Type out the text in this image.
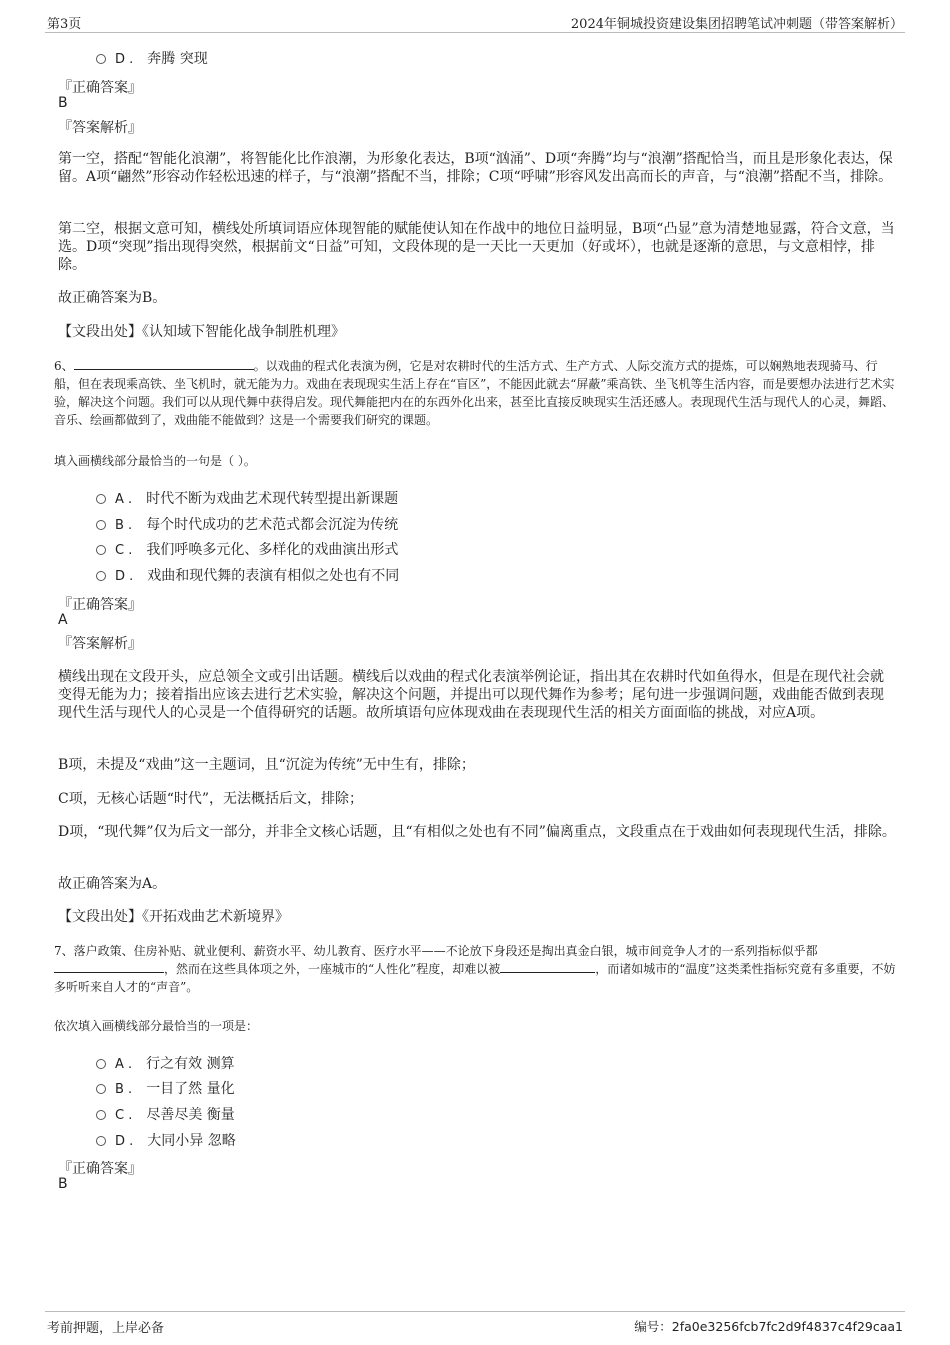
第3页	2024年铜城投资建设集团招聘笔试冲刺题（带答案解析）
D . 奔腾 突现
『正确答案』
B
『答案解析』
第一空，搭配“智能化浪潮”，将智能化比作浪潮，为形象化表达，B项“汹涌”、D项“奔腾”均与“浪潮”搭配恰当，而且是形象化表达，保留。A项“翩然”形容动作轻松迅速的样子，与“浪潮”搭配不当，排除；C项“呼啸”形容风发出高而长的声音，与“浪潮”搭配不当，排除。
第二空，根据文意可知，横线处所填词语应体现智能的赋能使认知在作战中的地位日益明显，B项“凸显”意为清楚地显露，符合文意，当选。D项“突现”指出现得突然，根据前文“日益”可知，文段体现的是一天比一天更加（好或坏），也就是逐渐的意思，与文意相悖，排除。
故正确答案为B。
【文段出处】《认知域下智能化战争制胜机理》
6、	。以戏曲的程式化表演为例，它是对农耕时代的生活方式、生产方式、人际交流方式的提炼，可以娴熟地表现骑马、行船，但在表现乘高铁、坐飞机时，就无能为力。戏曲在表现现实生活上存在“盲区”，不能因此就去“屏蔽”乘高铁、坐飞机等生活内容，而是要想办法进行艺术实验，解决这个问题。我们可以从现代舞中获得启发。现代舞能把内在的东西外化出来，甚至比直接反映现实生活还感人。表现现代生活与现代人的心灵，舞蹈、音乐、绘画都做到了，戏曲能不能做到？这是一个需要我们研究的课题。
填入画横线部分最恰当的一句是（ ）。
A . 时代不断为戏曲艺术现代转型提出新课题
B . 每个时代成功的艺术范式都会沉淀为传统
C . 我们呼唤多元化、多样化的戏曲演出形式
D . 戏曲和现代舞的表演有相似之处也有不同
『正确答案』
A
『答案解析』
横线出现在文段开头，应总领全文或引出话题。横线后以戏曲的程式化表演举例论证，指出其在农耕时代如鱼得水，但是在现代社会就变得无能为力；接着指出应该去进行艺术实验，解决这个问题，并提出可以现代舞作为参考；尾句进一步强调问题，戏曲能否做到表现现代生活与现代人的心灵是一个值得研究的话题。故所填语句应体现戏曲在表现现代生活的相关方面面临的挑战，对应A项。
B项，未提及“戏曲”这一主题词，且“沉淀为传统”无中生有，排除；
C项，无核心话题“时代”，无法概括后文，排除；
D项，“现代舞”仅为后文一部分，并非全文核心话题，且“有相似之处也有不同”偏离重点，文段重点在于戏曲如何表现现代生活，排除。
故正确答案为A。
【文段出处】《开拓戏曲艺术新境界》
7、落户政策、住房补贴、就业便利、薪资水平、幼儿教育、医疗水平——不论放下身段还是掏出真金白银，城市间竞争人才的一系列指标似乎都，然而在这些具体项之外，一座城市的“人性化”程度，却难以被	，而诸如城市的“温度”这类柔性指标究竟有多重要，不妨多听听来自人才的“声音”。
依次填入画横线部分最恰当的一项是：
A . 行之有效 测算
B . 一目了然 量化
C . 尽善尽美 衡量
D . 大同小异 忽略
『正确答案』
B
考前押题，上岸必备	编号：2fa0e3256fcb7fc2d9f4837c4f29caa1
